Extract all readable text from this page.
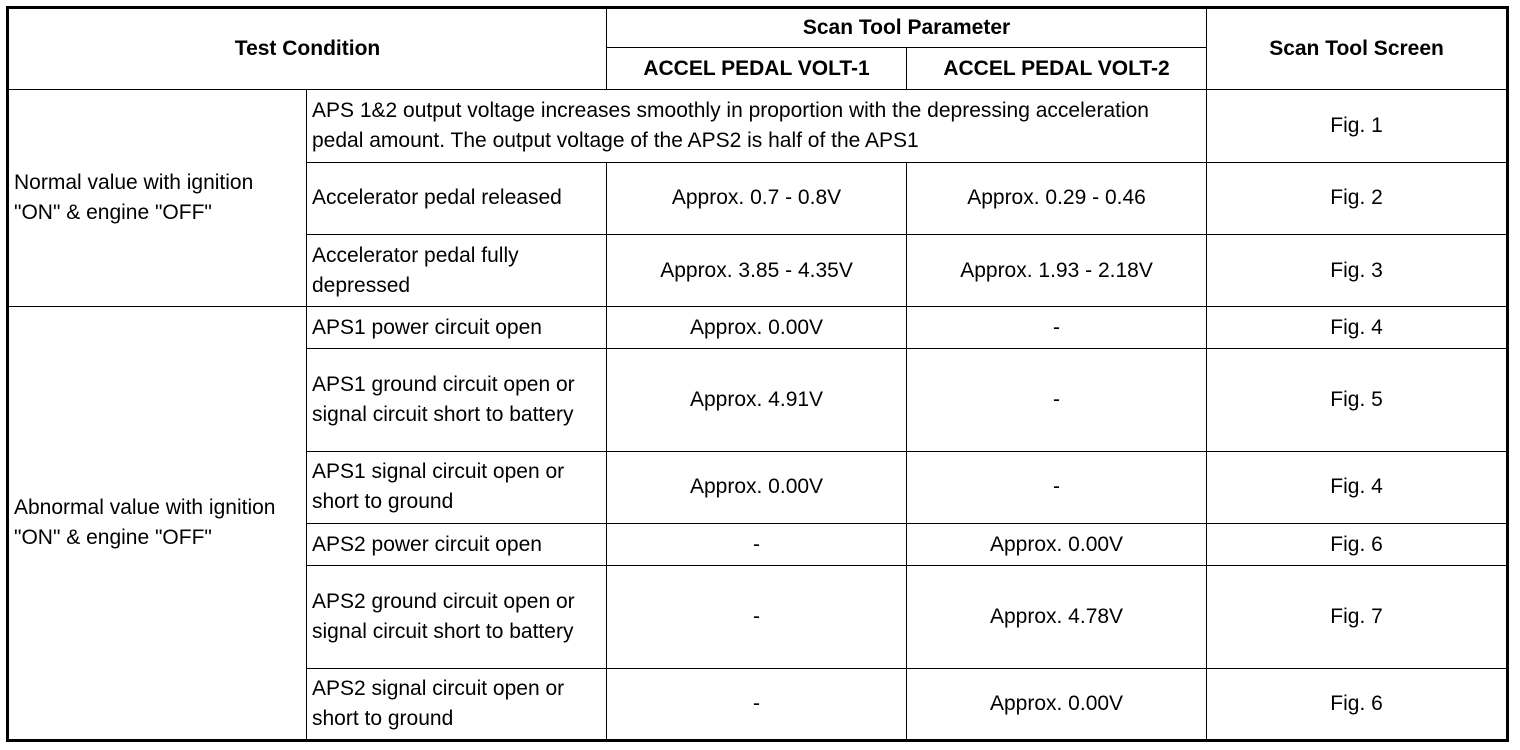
Test Condition		Scan Tool Parameter		Scan Tool Screen
		ACCEL PEDAL VOLT-1	ACCEL PEDAL VOLT-2	
Normal value with ignition "ON" & engine "OFF"	APS 1&2 output voltage increases smoothly in proportion with the depressing acceleration pedal amount. The output voltage of the APS2 is half of the APS1			Fig. 1
	Accelerator pedal released	Approx. 0.7 - 0.8V	Approx. 0.29 - 0.46	Fig. 2
	Accelerator pedal fully depressed	Approx. 3.85 - 4.35V	Approx. 1.93 - 2.18V	Fig. 3
Abnormal value with ignition "ON" & engine "OFF"	APS1 power circuit open	Approx. 0.00V	-	Fig. 4
	APS1 ground circuit open or signal circuit short to battery	Approx. 4.91V	-	Fig. 5
	APS1 signal circuit open or short to ground	Approx. 0.00V	-	Fig. 4
	APS2 power circuit open	-	Approx. 0.00V	Fig. 6
	APS2 ground circuit open or signal circuit short to battery	-	Approx. 4.78V	Fig. 7
	APS2 signal circuit open or short to ground	-	Approx. 0.00V	Fig. 6
